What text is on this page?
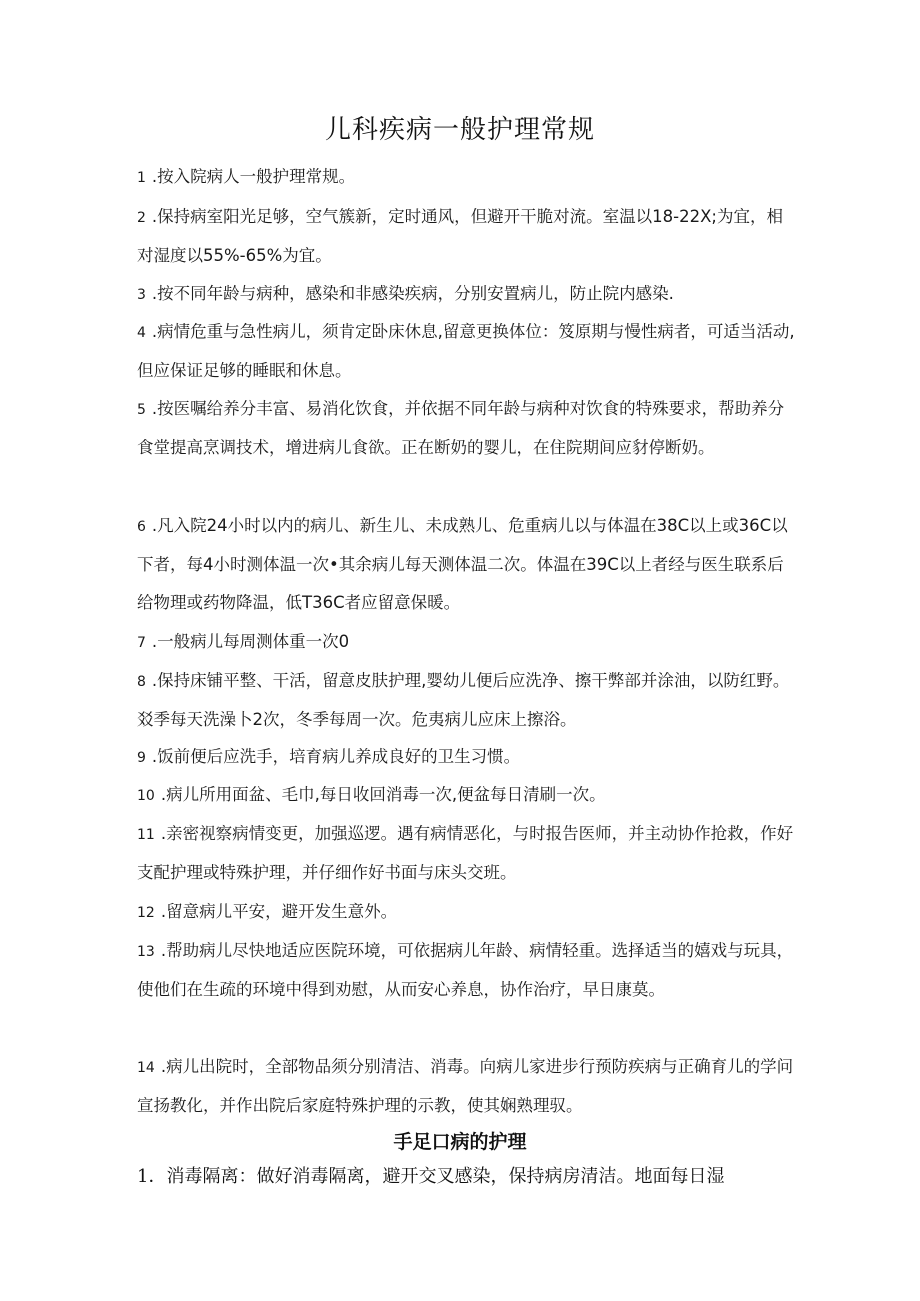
儿科疾病一般护理常规
1 .按入院病人一般护理常规。
2 .保持病室阳光足够，空气簇新，定时通风，但避开干脆对流。室温以18-22X;为宜，相对湿度以55%-65%为宜。
3 .按不同年龄与病种，感染和非感染疾病，分别安置病儿，防止院内感染.
4 .病情危重与急性病儿，须肯定卧床休息,留意更换体位：笈原期与慢性病者，可适当活动,但应保证足够的睡眠和休息。
5 .按医嘱给养分丰富、易消化饮食，并依据不同年龄与病种对饮食的特殊要求，帮助养分食堂提高烹调技术，增进病儿食欲。正在断奶的婴儿，在住院期间应豺停断奶。
6 .凡入院24小时以内的病儿、新生儿、未成熟儿、危重病儿以与体温在38C以上或36C以下者，每4小时测体温一次•其余病儿每天测体温二次。体温在39C以上者经与医生联系后给物理或药物降温，低T36C者应留意保暖。
7 .一般病儿每周测体重一次0
8 .保持床铺平整、干活，留意皮肤护理,婴幼儿便后应洗净、擦干弊部并涂油，以防红野。㸚季每天洗澡卜2次，冬季每周一次。危夷病儿应床上擦浴。
9 .饭前便后应洗手，培育病儿养成良好的卫生习惯。
10 .病儿所用面盆、毛巾,每日收回消毒一次,便盆每日清刷一次。
11 .亲密视察病情变更，加强巡逻。遇有病情恶化，与时报告医师，并主动协作抢救，作好支配护理或特殊护理，并仔细作好书面与床头交班。
12 .留意病儿平安，避开发生意外。
13 .帮助病儿尽快地适应医院环境，可依据病儿年龄、病情轻重。选择适当的嬉戏与玩具，使他们在生疏的环境中得到劝慰，从而安心养息，协作治疗，早日康莫。
14 .病儿出院时，全部物品须分别清洁、消毒。向病儿家进步行预防疾病与正确育儿的学问宣扬教化，并作出院后家庭特殊护理的示教，使其娴熟理驭。
手足口病的护理
1．消毒隔离：做好消毒隔离，避开交叉感染，保持病房清洁。地面每日湿
